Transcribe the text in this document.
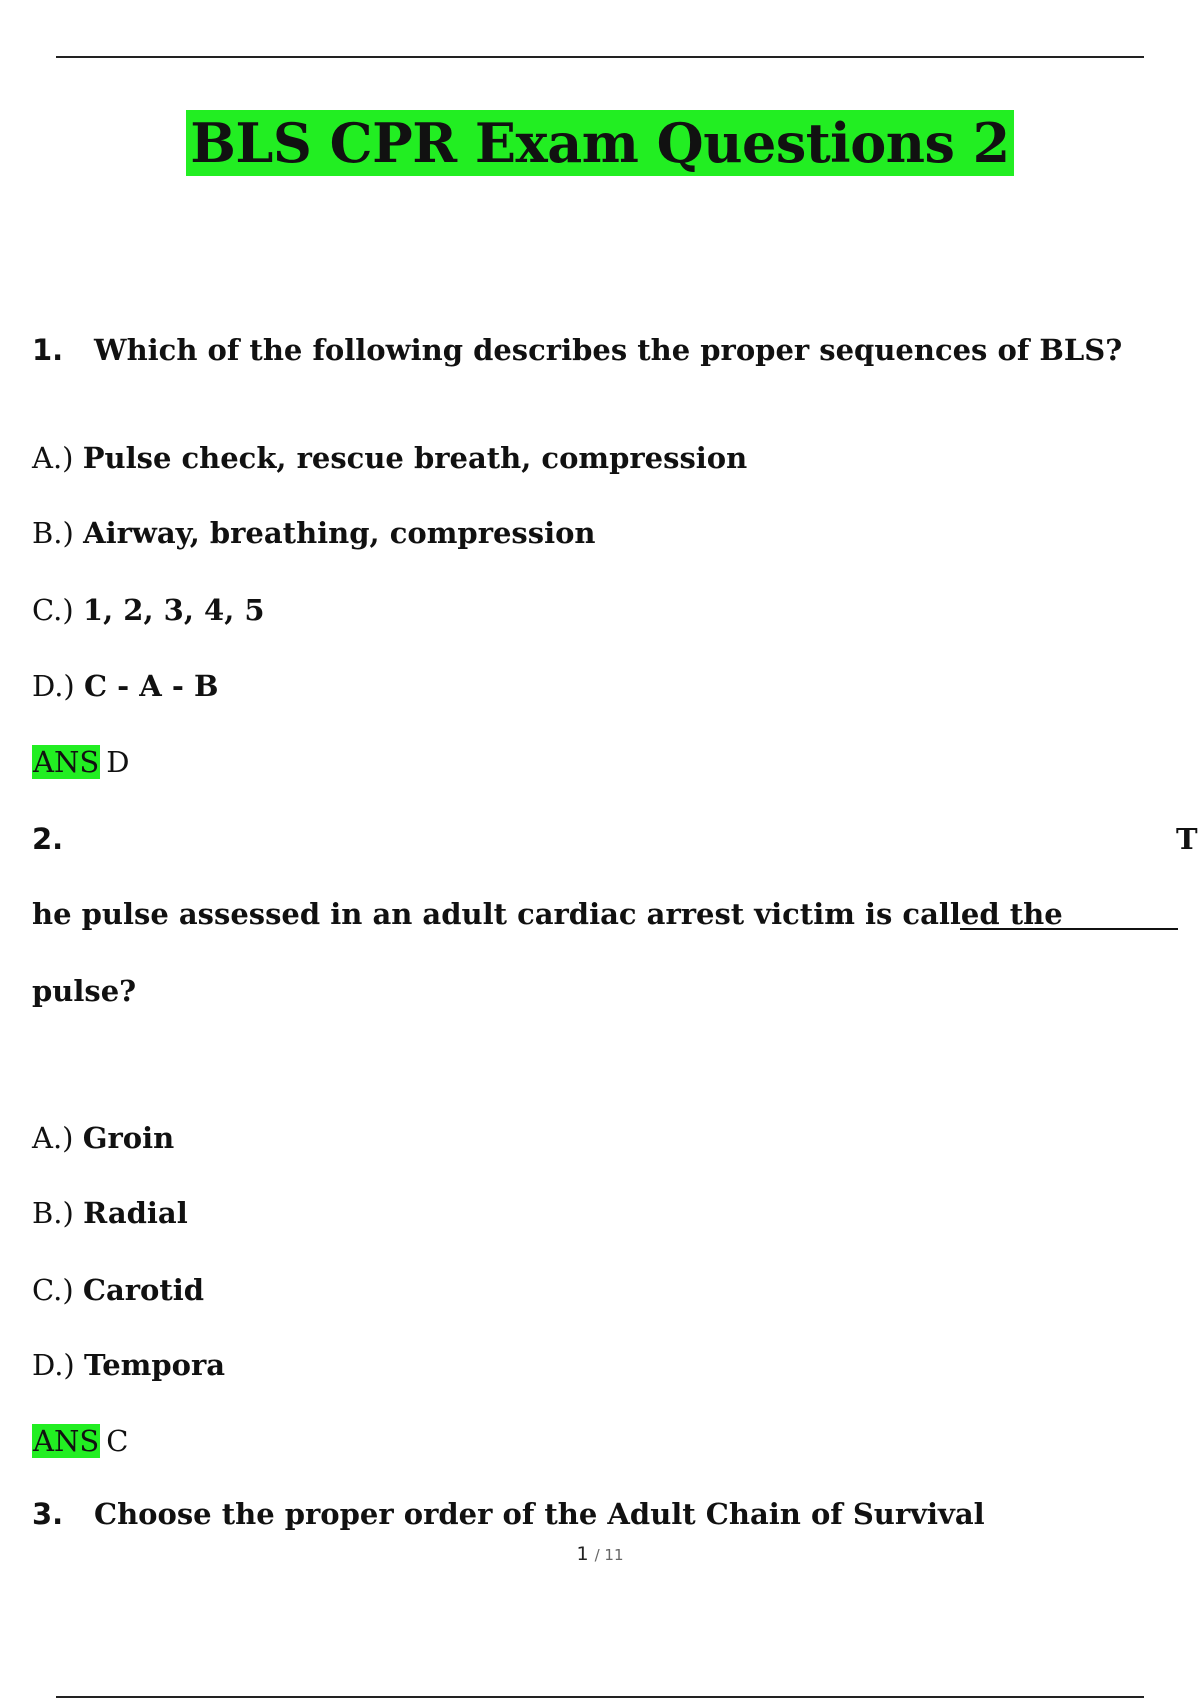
BLS CPR Exam Questions 2
1. Which of the following describes the proper sequences of BLS?
A.) Pulse check, rescue breath, compression
B.) Airway, breathing, compression
C.) 1, 2, 3, 4, 5
D.) C - A - B
ANS D
2.	T
he pulse assessed in an adult cardiac arrest victim is called the
pulse?
A.) Groin
B.) Radial
C.) Carotid
D.) Tempora
ANS C
3. Choose the proper order of the Adult Chain of Survival
1 / 11
